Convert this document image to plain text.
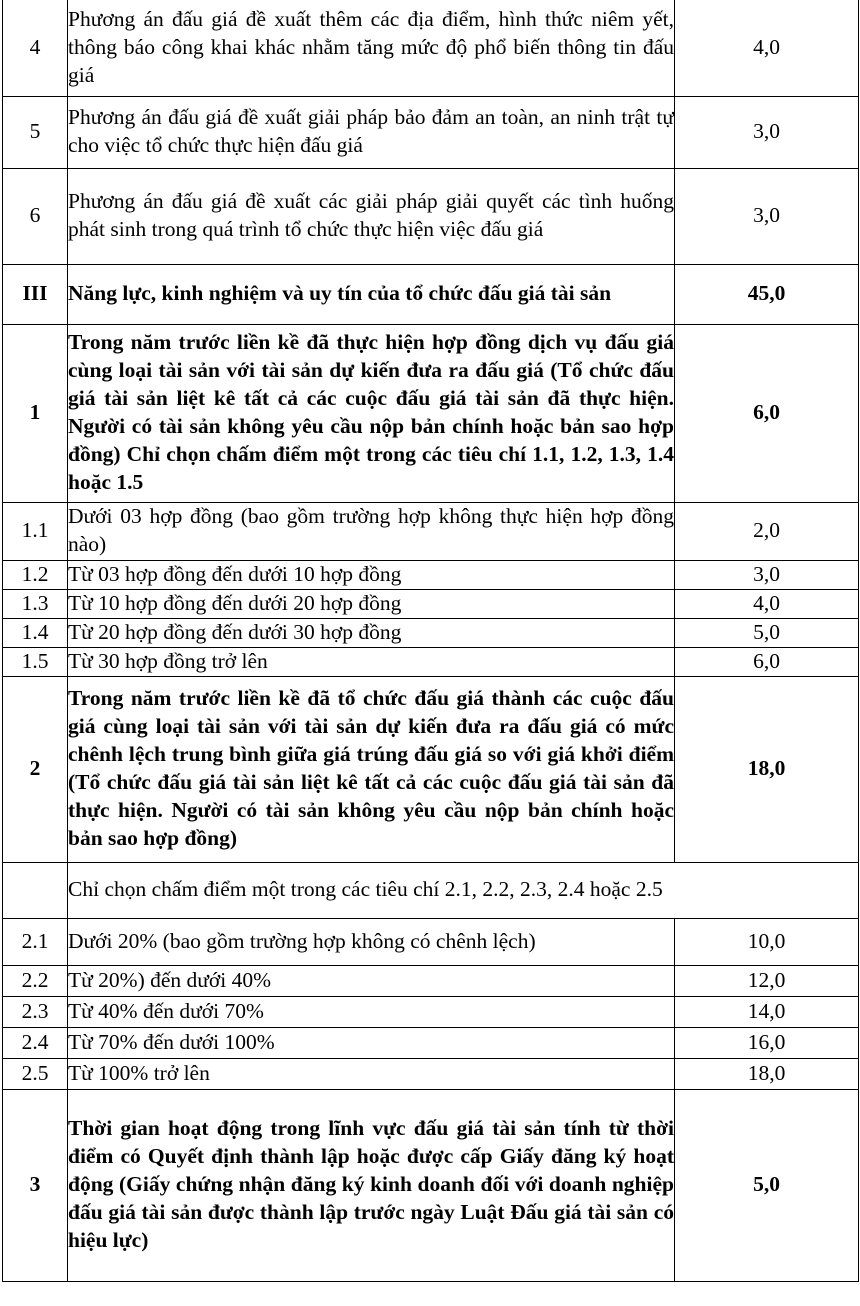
4	Phương án đấu giá đề xuất thêm các địa điểm, hình thức niêm yết, thông báo công khai khác nhằm tăng mức độ phổ biến thông tin đấu giá	4,0
5	Phương án đấu giá đề xuất giải pháp bảo đảm an toàn, an ninh trật tự cho việc tổ chức thực hiện đấu giá	3,0
6	Phương án đấu giá đề xuất các giải pháp giải quyết các tình huống phát sinh trong quá trình tổ chức thực hiện việc đấu giá	3,0
III	Năng lực, kinh nghiệm và uy tín của tổ chức đấu giá tài sản	45,0
1	Trong năm trước liền kề đã thực hiện hợp đồng dịch vụ đấu giá cùng loại tài sản với tài sản dự kiến đưa ra đấu giá (Tổ chức đấu giá tài sản liệt kê tất cả các cuộc đấu giá tài sản đã thực hiện. Người có tài sản không yêu cầu nộp bản chính hoặc bản sao hợp đồng) Chỉ chọn chấm điểm một trong các tiêu chí 1.1, 1.2, 1.3, 1.4 hoặc 1.5	6,0
1.1	Dưới 03 hợp đồng (bao gồm trường hợp không thực hiện hợp đồng nào)	2,0
1.2	Từ 03 hợp đồng đến dưới 10 hợp đồng	3,0
1.3	Từ 10 hợp đồng đến dưới 20 hợp đồng	4,0
1.4	Từ 20 hợp đồng đến dưới 30 hợp đồng	5,0
1.5	Từ 30 hợp đồng trở lên	6,0
2	Trong năm trước liền kề đã tổ chức đấu giá thành các cuộc đấu giá cùng loại tài sản với tài sản dự kiến đưa ra đấu giá có mức chênh lệch trung bình giữa giá trúng đấu giá so với giá khởi điểm (Tổ chức đấu giá tài sản liệt kê tất cả các cuộc đấu giá tài sản đã thực hiện. Người có tài sản không yêu cầu nộp bản chính hoặc bản sao hợp đồng)	18,0

	Chỉ chọn chấm điểm một trong các tiêu chí 2.1, 2.2, 2.3, 2.4 hoặc 2.5	

2.1	Dưới 20% (bao gồm trường hợp không có chênh lệch)	10,0
2.2	Từ 20%) đến dưới 40%	12,0
2.3	Từ 40% đến dưới 70%	14,0
2.4	Từ 70% đến dưới 100%	16,0
2.5	Từ 100% trở lên	18,0
3	Thời gian hoạt động trong lĩnh vực đấu giá tài sản tính từ thời điểm có Quyết định thành lập hoặc được cấp Giấy đăng ký hoạt động (Giấy chứng nhận đăng ký kinh doanh đối với doanh nghiệp đấu giá tài sản được thành lập trước ngày Luật Đấu giá tài sản có hiệu lực)	5,0
